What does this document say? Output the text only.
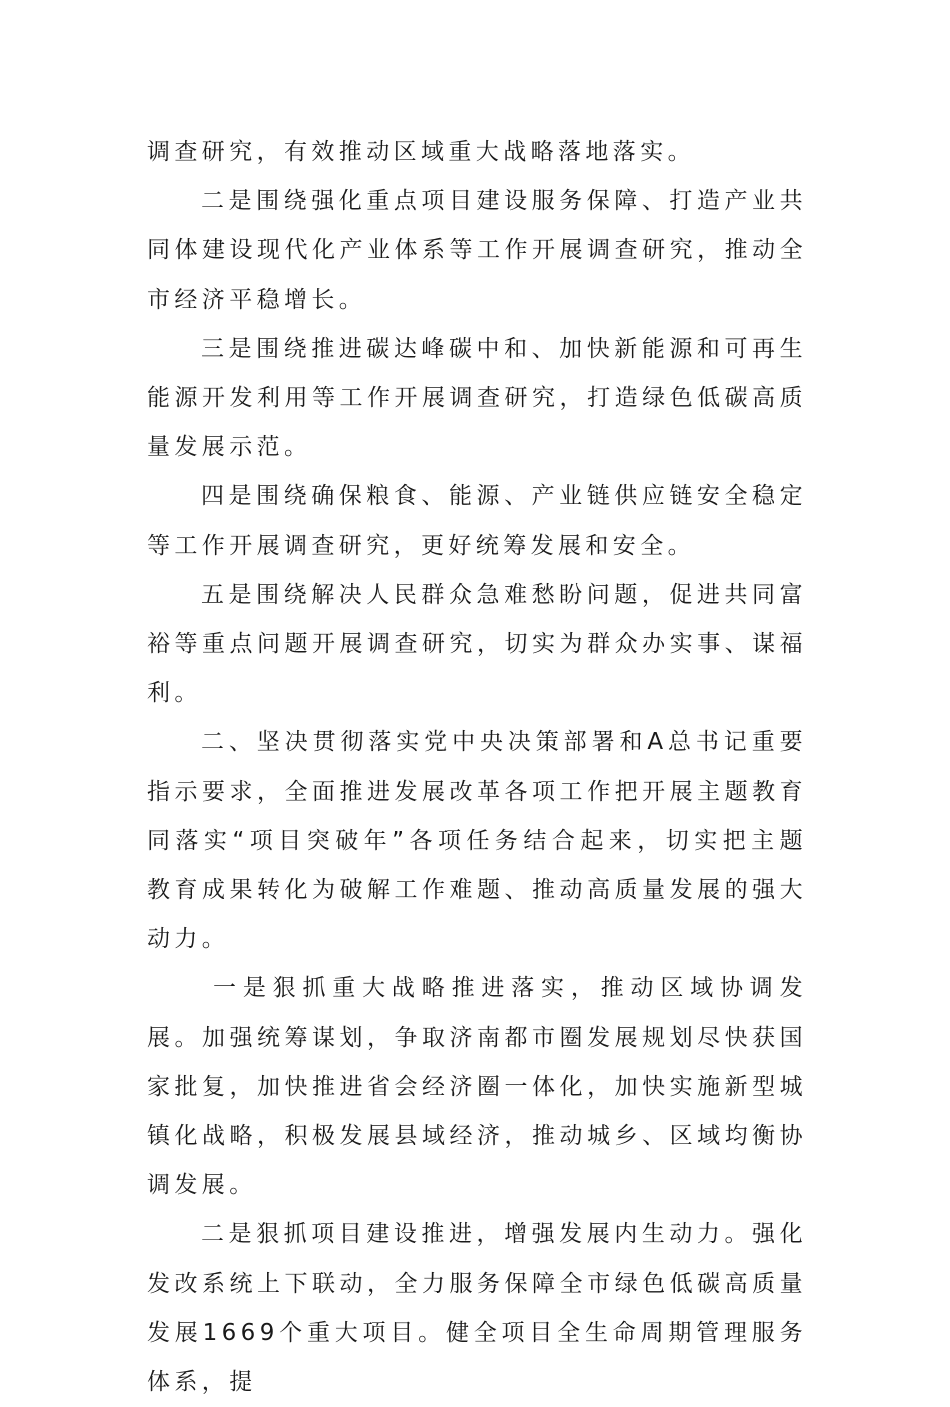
调查研究，有效推动区域重大战略落地落实。

二是围绕强化重点项目建设服务保障、打造产业共同体建设现代化产业体系等工作开展调查研究，推动全市经济平稳增长。

三是围绕推进碳达峰碳中和、加快新能源和可再生能源开发利用等工作开展调查研究，打造绿色低碳高质量发展示范。

四是围绕确保粮食、能源、产业链供应链安全稳定等工作开展调查研究，更好统筹发展和安全。

五是围绕解决人民群众急难愁盼问题，促进共同富裕等重点问题开展调查研究，切实为群众办实事、谋福利。

二、坚决贯彻落实党中央决策部署和A总书记重要指示要求，全面推进发展改革各项工作把开展主题教育同落实“项目突破年”各项任务结合起来，切实把主题教育成果转化为破解工作难题、推动高质量发展的强大动力。

一是狠抓重大战略推进落实，推动区域协调发展。加强统筹谋划，争取济南都市圈发展规划尽快获国家批复，加快推进省会经济圈一体化，加快实施新型城镇化战略，积极发展县域经济，推动城乡、区域均衡协调发展。

二是狠抓项目建设推进，增强发展内生动力。强化发改系统上下联动，全力服务保障全市绿色低碳高质量发展1669个重大项目。健全项目全生命周期管理服务体系，提
